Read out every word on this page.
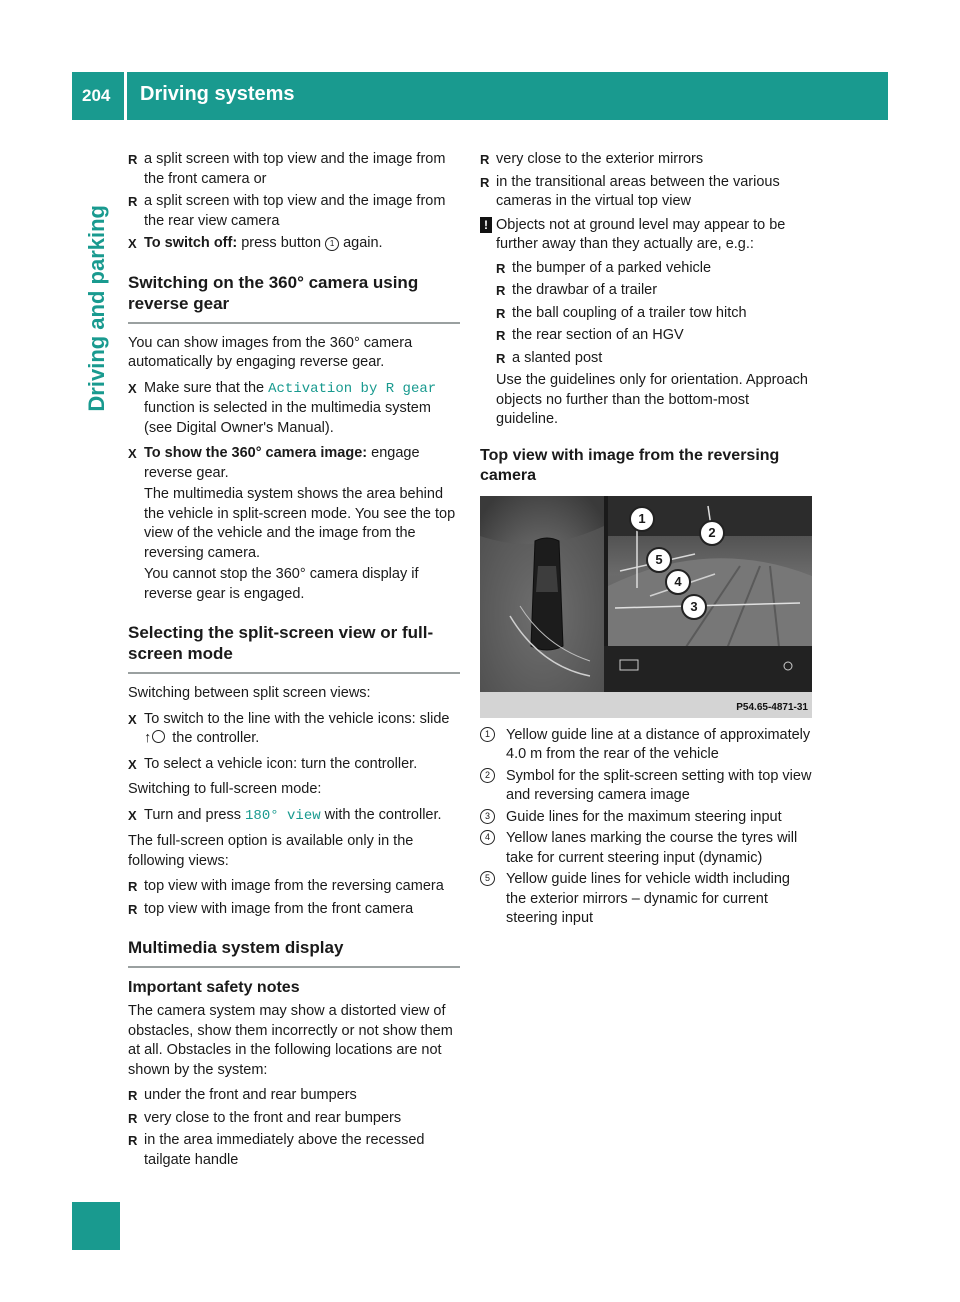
204 Driving systems
Driving and parking
R a split screen with top view and the image from the front camera or
R a split screen with top view and the image from the rear view camera
X To switch off: press button 1 again.
Switching on the 360° camera using reverse gear

You can show images from the 360° camera automatically by engaging reverse gear.

X Make sure that the Activation by R gear function is selected in the multimedia system (see Digital Owner's Manual).
X To show the 360° camera image: engage reverse gear.

The multimedia system shows the area behind the vehicle in split-screen mode. You see the top view of the vehicle and the image from the reversing camera.

You cannot stop the 360° camera display if reverse gear is engaged.

Selecting the split-screen view or full-screen mode

Switching between split screen views:

X To switch to the line with the vehicle icons: slide ↑ the controller.
X To select a vehicle icon: turn the controller.

Switching to full-screen mode:

X Turn and press 180° view with the controller.

The full-screen option is available only in the following views:

R top view with image from the reversing camera
R top view with image from the front camera
Multimedia system display
Important safety notes

The camera system may show a distorted view of obstacles, show them incorrectly or not show them at all. Obstacles in the following locations are not shown by the system:

R under the front and rear bumpers
R very close to the front and rear bumpers
R in the area immediately above the recessed tailgate handle
R very close to the exterior mirrors
R in the transitional areas between the various cameras in the virtual top view
! Objects not at ground level may appear to be further away than they actually are, e.g.:
R the bumper of a parked vehicle
R the drawbar of a trailer
R the ball coupling of a trailer tow hitch
R the rear section of an HGV
R a slanted post

Use the guidelines only for orientation. Approach objects no further than the bottom-most guideline.

Top view with image from the reversing camera
1
2
3
4
5
P54.65-4871-31
1	Yellow guide line at a distance of approximately 4.0 m from the rear of the vehicle
2	Symbol for the split-screen setting with top view and reversing camera image
3	Guide lines for the maximum steering input
4	Yellow lanes marking the course the tyres will take for current steering input (dynamic)
5	Yellow guide lines for vehicle width including the exterior mirrors – dynamic for current steering input
